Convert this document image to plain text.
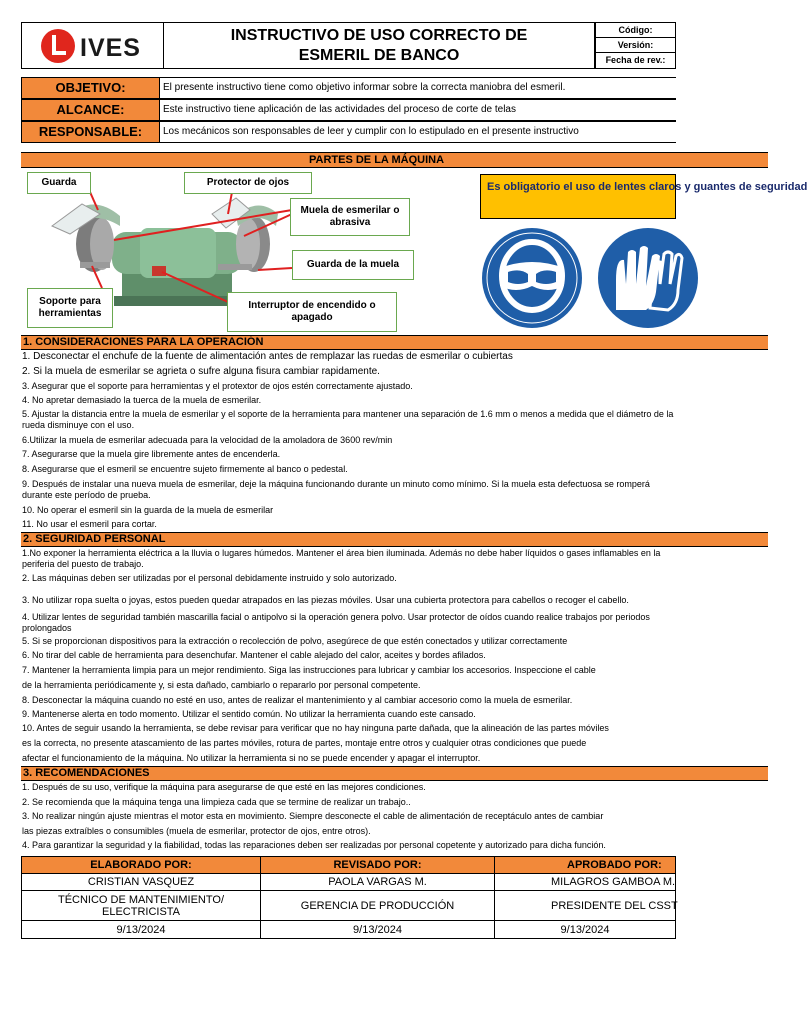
IVES	INSTRUCTIVO DE USO CORRECTO DE ESMERIL DE BANCO
Código:
Versión:
Fecha de rev.:
OBJETIVO:	El presente instructivo tiene como objetivo informar sobre la correcta maniobra del esmeril.
ALCANCE:	Este instructivo tiene aplicación de las actividades del proceso de corte de telas
RESPONSABLE:	Los mecánicos son responsables de leer y cumplir con lo estipulado en el presente instructivo
PARTES DE LA MÁQUINA
Guarda	Protector de ojos
Muela de esmerilar o abrasiva
Guarda de la muela
Soporte para herramientas
Interruptor de encendido o apagado
Es obligatorio el uso de lentes claros y guantes de seguridad
1. CONSIDERACIONES PARA LA OPERACIÓN
1. Desconectar el enchufe de la fuente de alimentación antes de remplazar las ruedas de esmerilar o cubiertas
2. Si la muela de esmerilar se agrieta o sufre alguna fisura cambiar rapidamente.
3. Asegurar que el soporte para herramientas y el protextor de ojos estén correctamente ajustado.
4. No apretar demasiado la tuerca de la muela de esmerilar.
5. Ajustar la distancia entre la muela de esmerilar y el soporte de la herramienta para mantener una separación de 1.6 mm o menos a medida que el diámetro de la rueda disminuye con el uso.
6.Utilizar la muela de esmerilar adecuada para la velocidad de la amoladora de 3600 rev/min
7. Asegurarse que la muela gire libremente antes de encenderla.
8. Asegurarse que el esmeril se encuentre sujeto firmemente al banco o pedestal.
9. Después de instalar una nueva muela de esmerilar, deje la máquina funcionando durante un minuto como mínimo. Si la muela esta defectuosa se romperá durante este período de prueba.
10. No operar el esmeril sin la guarda de la muela de esmerilar
11. No usar el esmeril para cortar.
2. SEGURIDAD PERSONAL
1.No exponer la herramienta eléctrica a la lluvia o lugares húmedos. Mantener el área bien iluminada. Además no debe haber líquidos o gases inflamables en la periferia del puesto de trabajo.
2. Las máquinas deben ser utilizadas por el personal debidamente instruido y solo autorizado.
3. No utilizar ropa suelta o joyas, estos pueden quedar atrapados en las piezas móviles. Usar una cubierta protectora para cabellos o recoger el cabello.
4. Utilizar lentes de seguridad también mascarilla facial o antipolvo si la operación genera polvo. Usar protector de oídos cuando realice trabajos por periodos prolongados
5. Si se proporcionan dispositivos para la extracción o recolección de polvo, asegúrece de que estén conectados y utilizar correctamente
6. No tirar del cable de herramienta para desenchufar. Mantener el cable alejado del calor, aceites y bordes afilados.
7. Mantener la herramienta limpia para un mejor rendimiento. Siga las instrucciones para lubricar y cambiar los accesorios. Inspeccione el cable
de la herramienta periódicamente y, si esta dañado, cambiarlo o repararlo por personal competente.
8. Desconectar la máquina cuando no esté en uso, antes de realizar el mantenimiento y al cambiar accesorio como la muela de esmerilar.
9. Mantenerse alerta en todo momento. Utilizar el sentido común. No utilizar la herramienta cuando este cansado.
10. Antes de seguir usando la herramienta, se debe revisar para verificar que no hay ninguna parte dañada, que la alineación de las partes móviles
es la correcta, no presente atascamiento de las partes móviles, rotura de partes, montaje entre otros y cualquier otras condiciones que puede
afectar el funcionamiento de la máquina. No utilizar la herramienta si no se puede encender y apagar el interruptor.
3. RECOMENDACIONES
1. Después de su uso, verifique la máquina para asegurarse de que esté en las mejores condiciones.
2. Se recomienda que la máquina tenga una limpieza cada que se termine de realizar un trabajo..
3. No realizar ningún ajuste mientras el motor esta en movimiento. Siempre desconecte el cable de alimentación de receptáculo antes de cambiar
las piezas extraíbles o consumibles (muela de esmerilar, protector de ojos, entre otros).
4. Para garantizar la seguridad y la fiabilidad, todas las reparaciones deben ser realizadas por personal copetente y autorizado para dicha función.
ELABORADO POR:	REVISADO POR:	APROBADO POR:
CRISTIAN VASQUEZ	PAOLA VARGAS M.	MILAGROS GAMBOA M.
TÉCNICO DE MANTENIMIENTO/ ELECTRICISTA	GERENCIA DE PRODUCCIÓN	PRESIDENTE DEL CSST
9/13/2024	9/13/2024	9/13/2024
